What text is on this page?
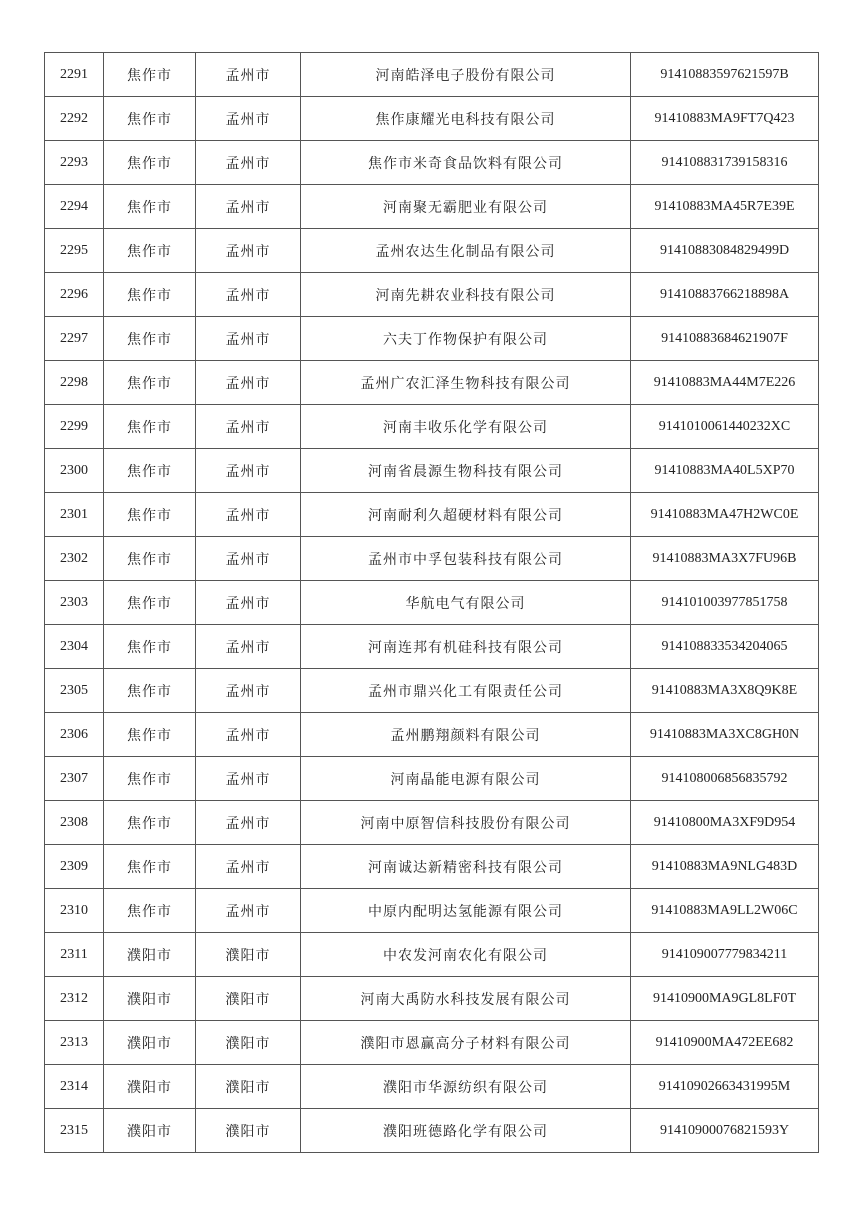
2291	焦作市	孟州市	河南皓泽电子股份有限公司	91410883597621597B
2292	焦作市	孟州市	焦作康耀光电科技有限公司	91410883MA9FT7Q423
2293	焦作市	孟州市	焦作市米奇食品饮料有限公司	914108831739158316
2294	焦作市	孟州市	河南聚无霸肥业有限公司	91410883MA45R7E39E
2295	焦作市	孟州市	孟州农达生化制品有限公司	91410883084829499D
2296	焦作市	孟州市	河南先耕农业科技有限公司	91410883766218898A
2297	焦作市	孟州市	六夫丁作物保护有限公司	91410883684621907F
2298	焦作市	孟州市	孟州广农汇泽生物科技有限公司	91410883MA44M7E226
2299	焦作市	孟州市	河南丰收乐化学有限公司	9141010061440232XC
2300	焦作市	孟州市	河南省晨源生物科技有限公司	91410883MA40L5XP70
2301	焦作市	孟州市	河南耐利久超硬材料有限公司	91410883MA47H2WC0E
2302	焦作市	孟州市	孟州市中孚包装科技有限公司	91410883MA3X7FU96B
2303	焦作市	孟州市	华航电气有限公司	914101003977851758
2304	焦作市	孟州市	河南连邦有机硅科技有限公司	914108833534204065
2305	焦作市	孟州市	孟州市鼎兴化工有限责任公司	91410883MA3X8Q9K8E
2306	焦作市	孟州市	孟州鹏翔颜料有限公司	91410883MA3XC8GH0N
2307	焦作市	孟州市	河南晶能电源有限公司	914108006856835792
2308	焦作市	孟州市	河南中原智信科技股份有限公司	91410800MA3XF9D954
2309	焦作市	孟州市	河南诚达新精密科技有限公司	91410883MA9NLG483D
2310	焦作市	孟州市	中原内配明达氢能源有限公司	91410883MA9LL2W06C
2311	濮阳市	濮阳市	中农发河南农化有限公司	914109007779834211
2312	濮阳市	濮阳市	河南大禹防水科技发展有限公司	91410900MA9GL8LF0T
2313	濮阳市	濮阳市	濮阳市恩赢高分子材料有限公司	91410900MA472EE682
2314	濮阳市	濮阳市	濮阳市华源纺织有限公司	91410902663431995M
2315	濮阳市	濮阳市	濮阳班德路化学有限公司	91410900076821593Y
